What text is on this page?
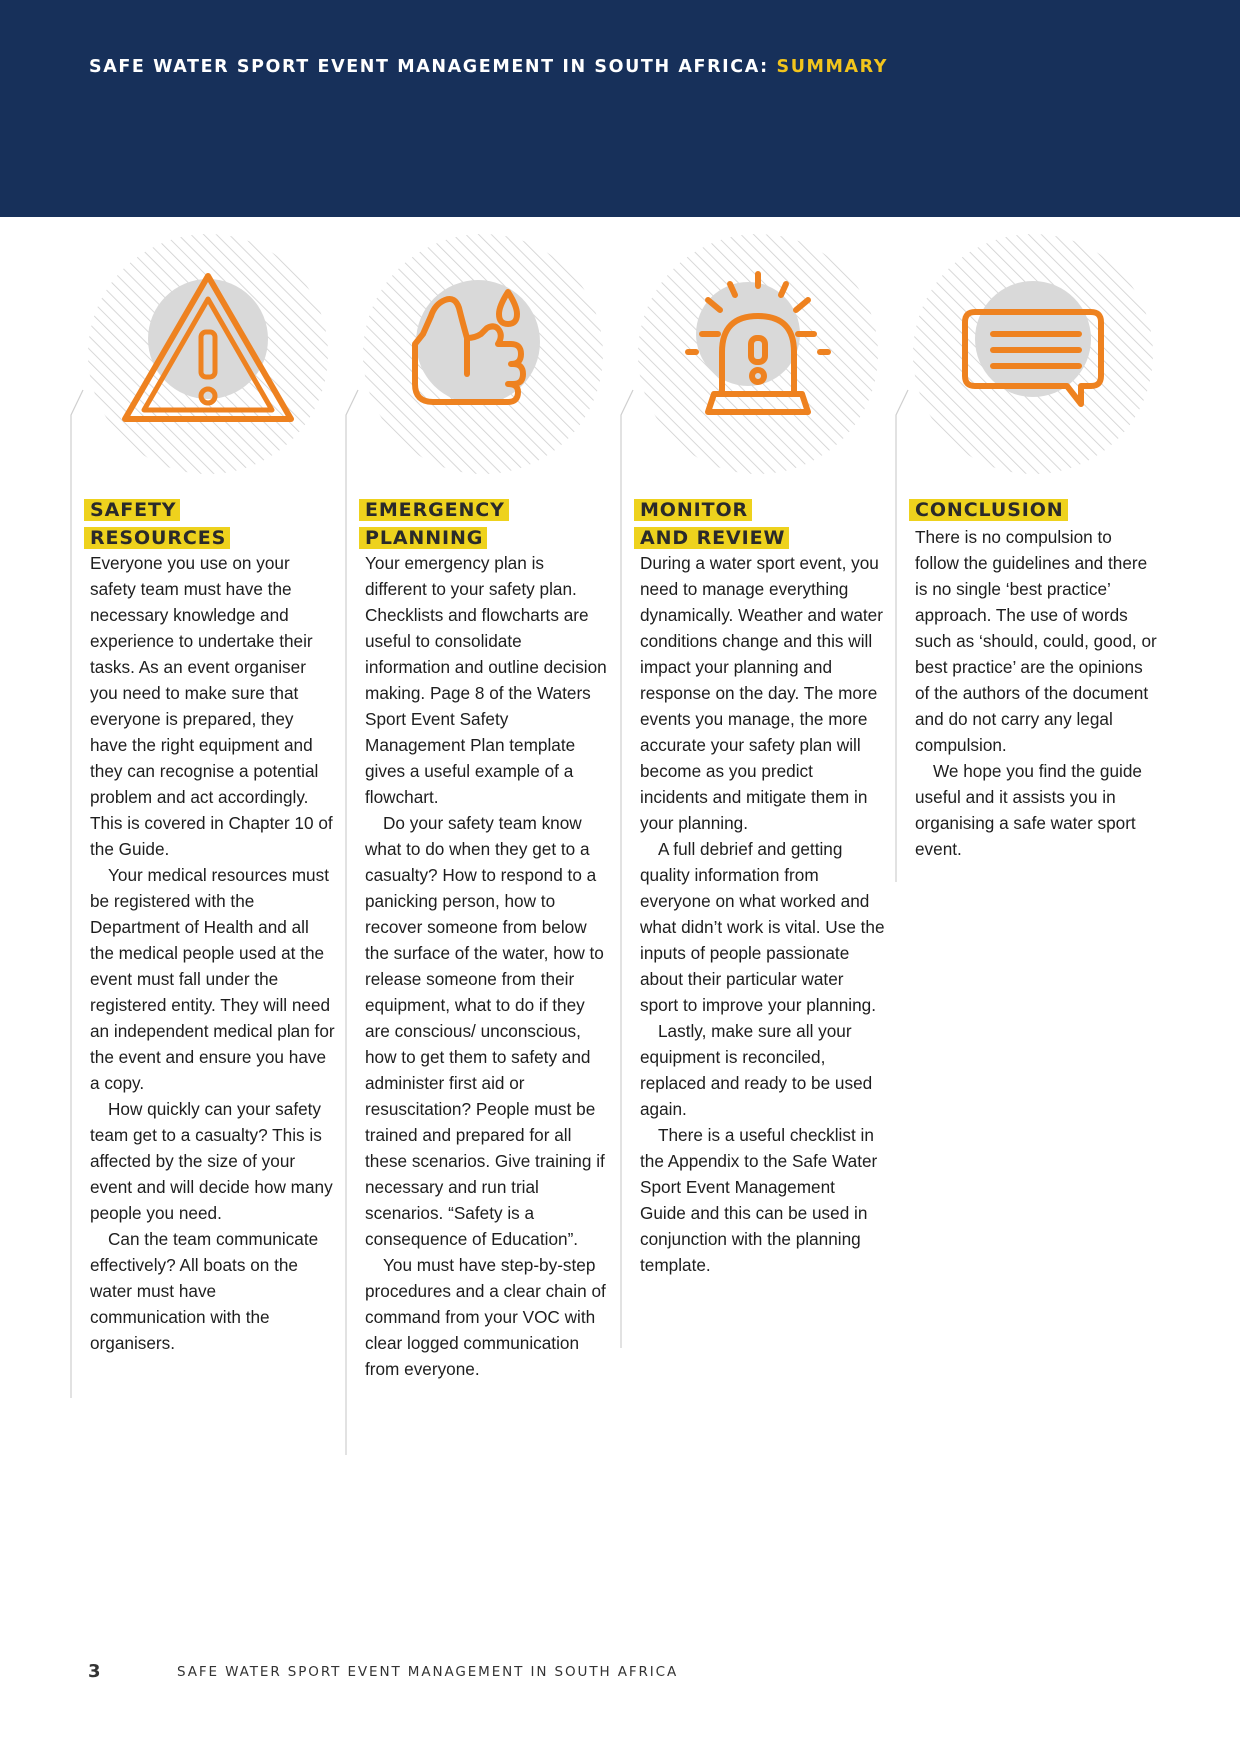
SAFE WATER SPORT EVENT MANAGEMENT IN SOUTH AFRICA: SUMMARY
SAFETY
RESOURCES

Everyone you use on your safety team must have the necessary knowledge and experience to undertake their tasks. As an event organiser you need to make sure that everyone is prepared, they have the right equipment and they can recognise a potential problem and act accordingly. This is covered in Chapter 10 of the Guide.

Your medical resources must be registered with the Department of Health and all the medical people used at the event must fall under the registered entity. They will need an independent medical plan for the event and ensure you have a copy.

How quickly can your safety team get to a casualty? This is affected by the size of your event and will decide how many people you need.

Can the team communicate effectively? All boats on the water must have communication with the organisers.

EMERGENCY
PLANNING

Your emergency plan is different to your safety plan. Checklists and flowcharts are useful to consolidate information and outline decision making. Page 8 of the Waters Sport Event Safety Management Plan template gives a useful example of a flowchart.

Do your safety team know what to do when they get to a casualty? How to respond to a panicking person, how to recover someone from below the surface of the water, how to release someone from their equipment, what to do if they are conscious/ unconscious, how to get them to safety and administer first aid or resuscitation? People must be trained and prepared for all these scenarios. Give training if necessary and run trial scenarios. “Safety is a consequence of Education”.

You must have step-by-step procedures and a clear chain of command from your VOC with clear logged communication from everyone.

MONITOR
AND REVIEW

During a water sport event, you need to manage everything dynamically. Weather and water conditions change and this will impact your planning and response on the day. The more events you manage, the more accurate your safety plan will become as you predict incidents and mitigate them in your planning.

A full debrief and getting quality information from everyone on what worked and what didn’t work is vital. Use the inputs of people passionate about their particular water sport to improve your planning.

Lastly, make sure all your equipment is reconciled, replaced and ready to be used again.

There is a useful checklist in the Appendix to the Safe Water Sport Event Management Guide and this can be used in conjunction with the planning template.

CONCLUSION

There is no compulsion to follow the guidelines and there is no single ‘best practice’ approach. The use of words such as ‘should, could, good, or best practice’ are the opinions of the authors of the document and do not carry any legal compulsion.

We hope you find the guide useful and it assists you in organising a safe water sport event.

3	SAFE WATER SPORT EVENT MANAGEMENT IN SOUTH AFRICA
